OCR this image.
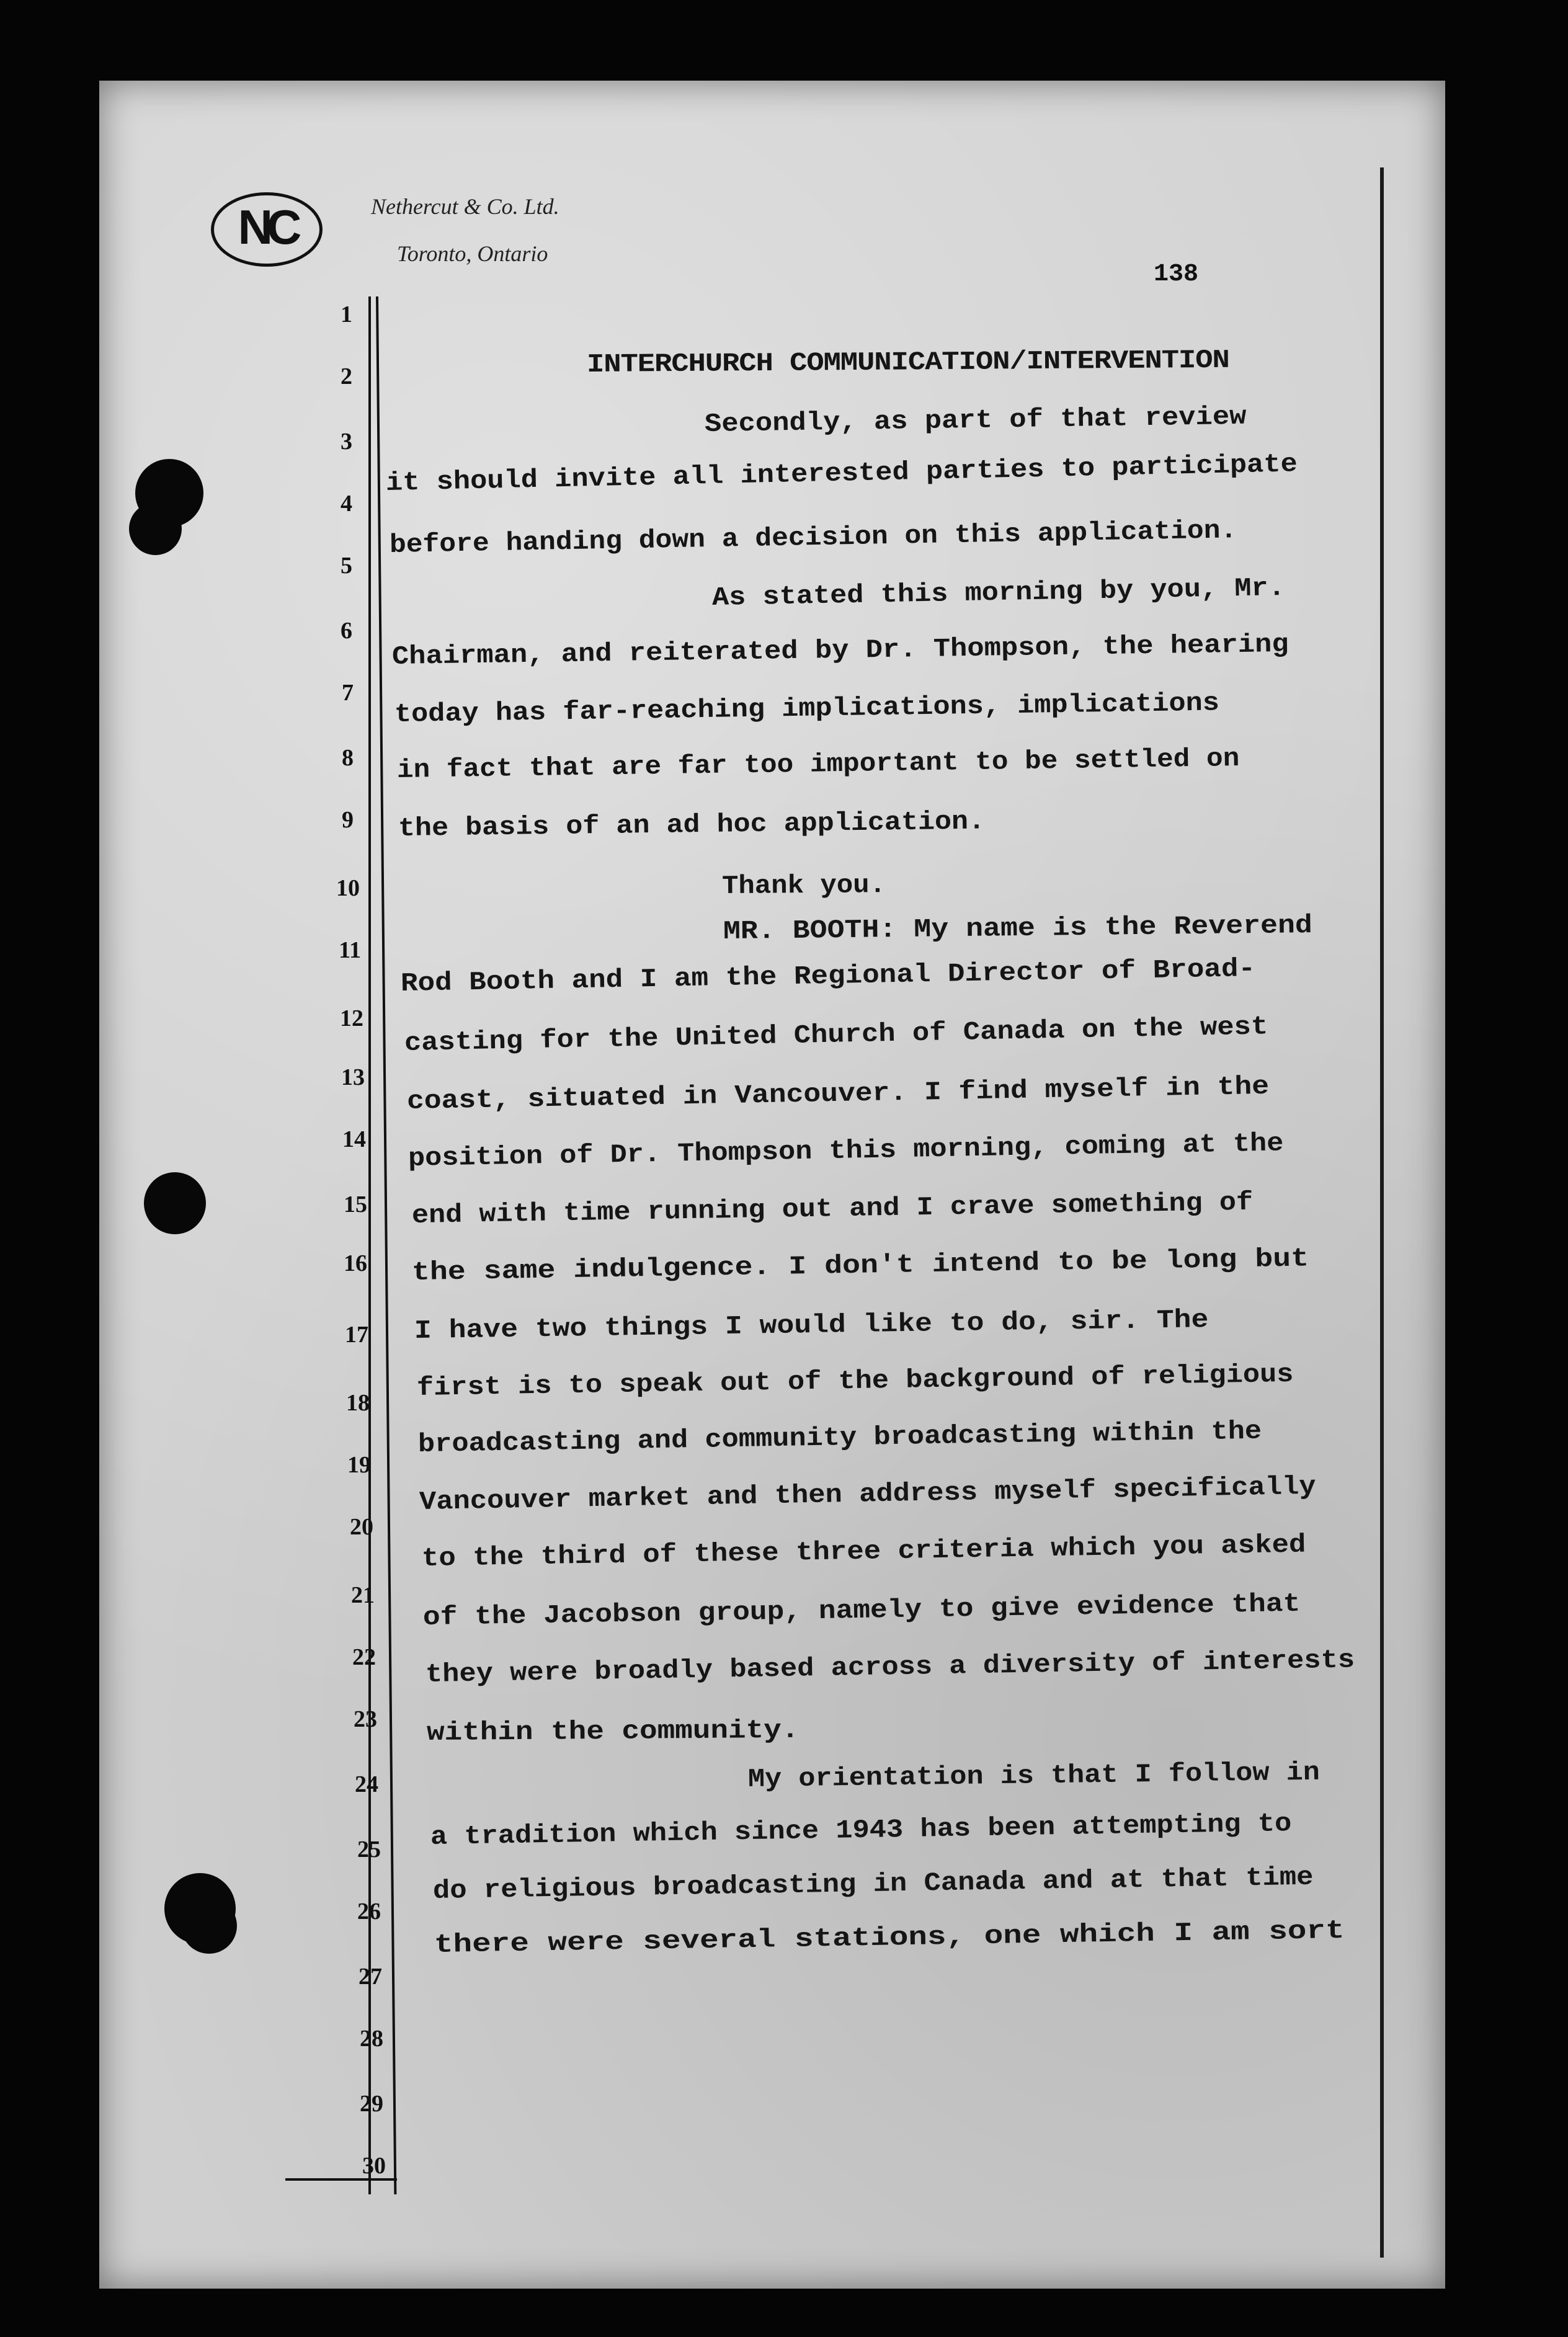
NC	Nethercut & Co. Ltd.
Toronto, Ontario
138
1
2
3
4
5
6
7
8
9
10
11
12
13
14
15
16
17
18
19
20
21
22
23
24
25
26
27
28
29
30
INTERCHURCH COMMUNICATION/INTERVENTION
Secondly, as part of that review
it should invite all interested parties to participate
before handing down a decision on this application.
As stated this morning by you, Mr.
Chairman, and reiterated by Dr. Thompson, the hearing
today has far-reaching implications, implications
in fact that are far too important to be settled on
the basis of an ad hoc application.
Thank you.
MR. BOOTH: My name is the Reverend
Rod Booth and I am the Regional Director of Broad-
casting for the United Church of Canada on the west
coast, situated in Vancouver. I find myself in the
position of Dr. Thompson this morning, coming at the
end with time running out and I crave something of
the same indulgence. I don't intend to be long but
I have two things I would like to do, sir. The
first is to speak out of the background of religious
broadcasting and community broadcasting within the
Vancouver market and then address myself specifically
to the third of these three criteria which you asked
of the Jacobson group, namely to give evidence that
they were broadly based across a diversity of interests
within the community.
My orientation is that I follow in
a tradition which since 1943 has been attempting to
do religious broadcasting in Canada and at that time
there were several stations, one which I am sort
